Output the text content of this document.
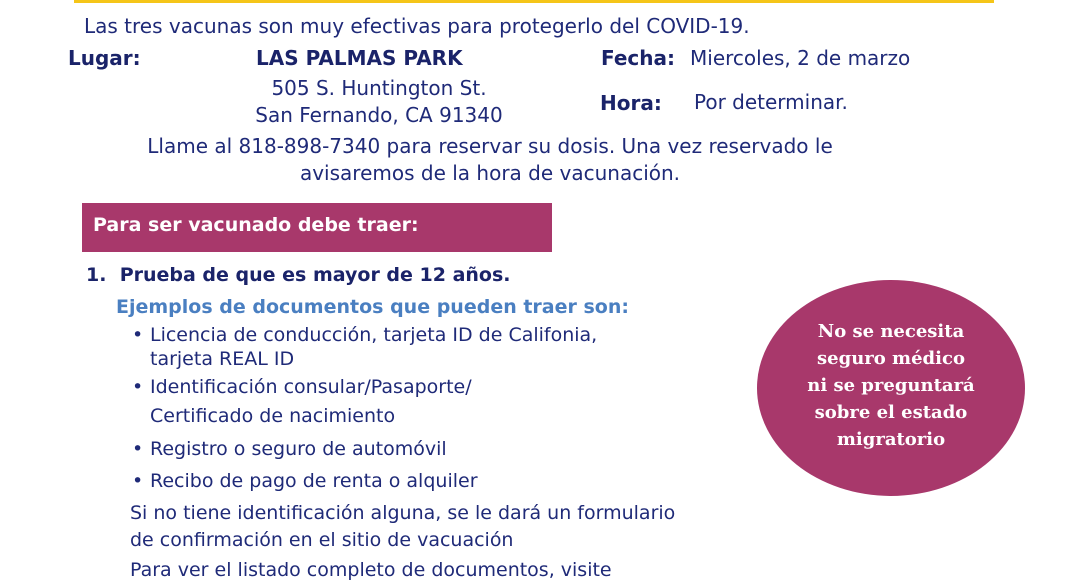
Las tres vacunas son muy efectivas para protegerlo del COVID-19.
Lugar:	LAS PALMAS PARK
505 S. Huntington St.
San Fernando, CA 91340
Fecha: Miercoles, 2 de marzo
Hora: Por determinar.
Llame al 818-898-7340 para reservar su dosis. Una vez reservado le
avisaremos de la hora de vacunación.
Para ser vacunado debe traer:
1. Prueba de que es mayor de 12 años.
Ejemplos de documentos que pueden traer son:
• Licencia de conducción, tarjeta ID de Califonia,
tarjeta REAL ID
• Identificación consular/Pasaporte/
Certificado de nacimiento
• Registro o seguro de automóvil
• Recibo de pago de renta o alquiler
Si no tiene identificación alguna, se le dará un formulario
de confirmación en el sitio de vacuación
Para ver el listado completo de documentos, visite
No se necesita
seguro médico
ni se preguntará
sobre el estado
migratorio
